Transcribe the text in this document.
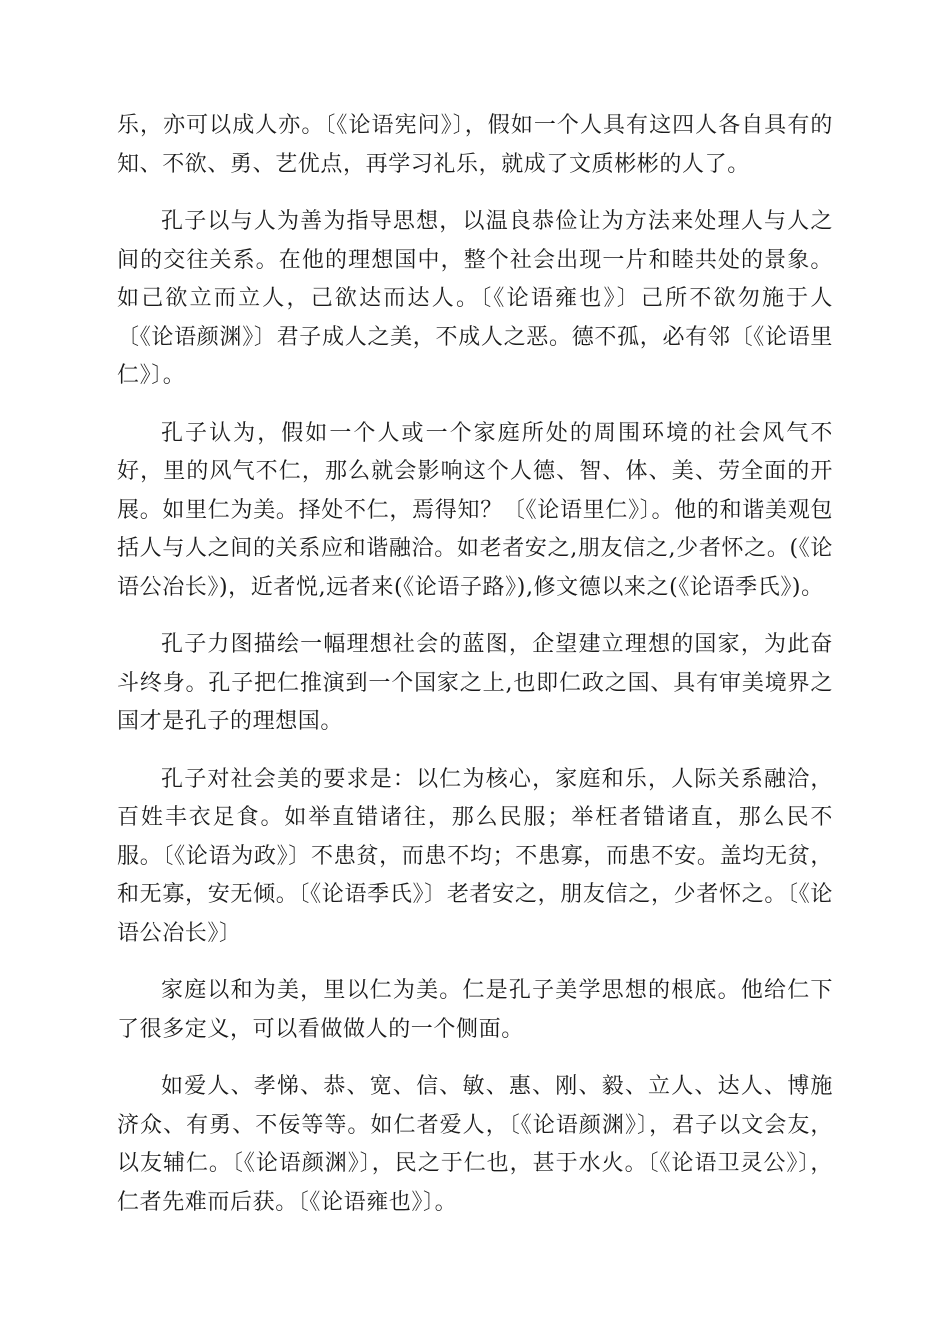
乐，亦可以成人亦。〔《论语宪问》〕，假如一个人具有这四人各自具有的知、不欲、勇、艺优点，再学习礼乐，就成了文质彬彬的人了。

孔子以与人为善为指导思想，以温良恭俭让为方法来处理人与人之间的交往关系。在他的理想国中，整个社会出现一片和睦共处的景象。如己欲立而立人，己欲达而达人。〔《论语雍也》〕己所不欲勿施于人〔《论语颜渊》〕君子成人之美，不成人之恶。德不孤，必有邻〔《论语里仁》〕。

孔子认为，假如一个人或一个家庭所处的周围环境的社会风气不好，里的风气不仁，那么就会影响这个人德、智、体、美、劳全面的开展。如里仁为美。择处不仁，焉得知？〔《论语里仁》〕。他的和谐美观包括人与人之间的关系应和谐融洽。如老者安之,朋友信之,少者怀之。(《论语公冶长》)，近者悦,远者来(《论语子路》),修文德以来之(《论语季氏》)。

孔子力图描绘一幅理想社会的蓝图，企望建立理想的国家，为此奋斗终身。孔子把仁推演到一个国家之上,也即仁政之国、具有审美境界之国才是孔子的理想国。

孔子对社会美的要求是：以仁为核心，家庭和乐，人际关系融洽，百姓丰衣足食。如举直错诸往，那么民服；举枉者错诸直，那么民不服。〔《论语为政》〕不患贫，而患不均；不患寡，而患不安。盖均无贫，和无寡，安无倾。〔《论语季氏》〕老者安之，朋友信之，少者怀之。〔《论语公冶长》〕

家庭以和为美，里以仁为美。仁是孔子美学思想的根底。他给仁下了很多定义，可以看做做人的一个侧面。

如爱人、孝悌、恭、宽、信、敏、惠、刚、毅、立人、达人、博施济众、有勇、不佞等等。如仁者爱人，〔《论语颜渊》〕，君子以文会友，以友辅仁。〔《论语颜渊》〕，民之于仁也，甚于水火。〔《论语卫灵公》〕，仁者先难而后获。〔《论语雍也》〕。
